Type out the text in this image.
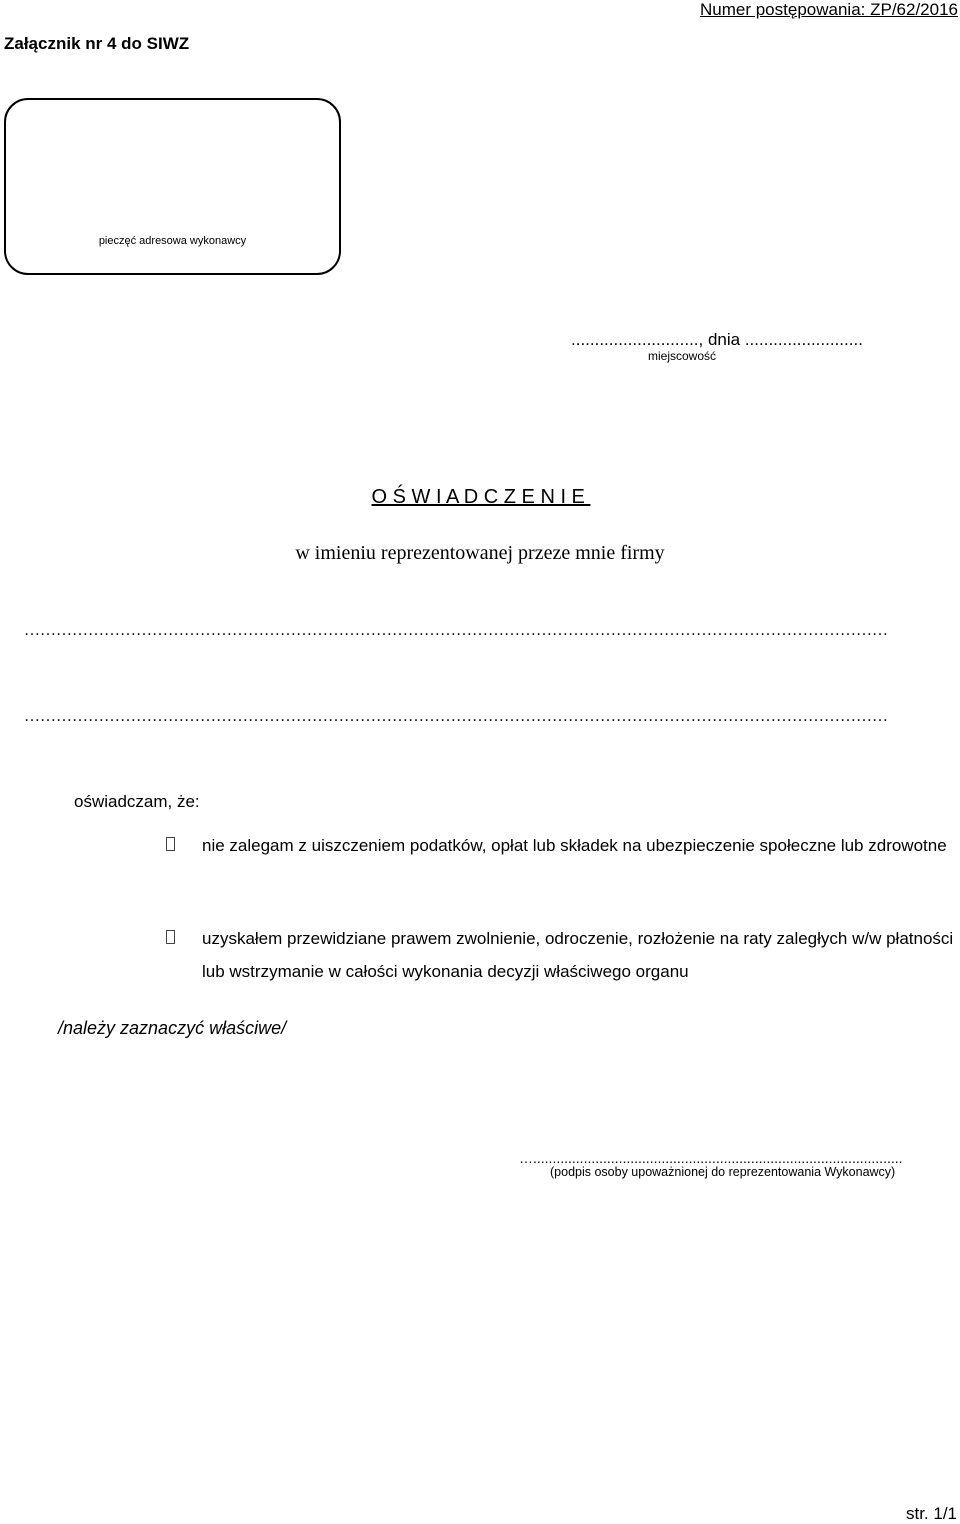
Numer postępowania: ZP/62/2016
Załącznik nr 4 do SIWZ
pieczęć adresowa wykonawcy
..........................., dnia .........................
miejscowość
O Ś W I A D C Z E N I E
w imieniu reprezentowanej przeze mnie firmy
………………………………………………………………………………………………………………………………………………
………………………………………………………………………………………………………………………………………………
oświadczam, że:
nie zalegam z uiszczeniem podatków, opłat lub składek na ubezpieczenie społeczne lub zdrowotne
uzyskałem przewidziane prawem zwolnienie, odroczenie, rozłożenie na raty zaległych w/w płatności lub wstrzymanie w całości wykonania decyzji właściwego organu
/należy zaznaczyć właściwe/
…...............................................................................................
(podpis osoby upoważnionej do reprezentowania Wykonawcy)
str. 1/1
